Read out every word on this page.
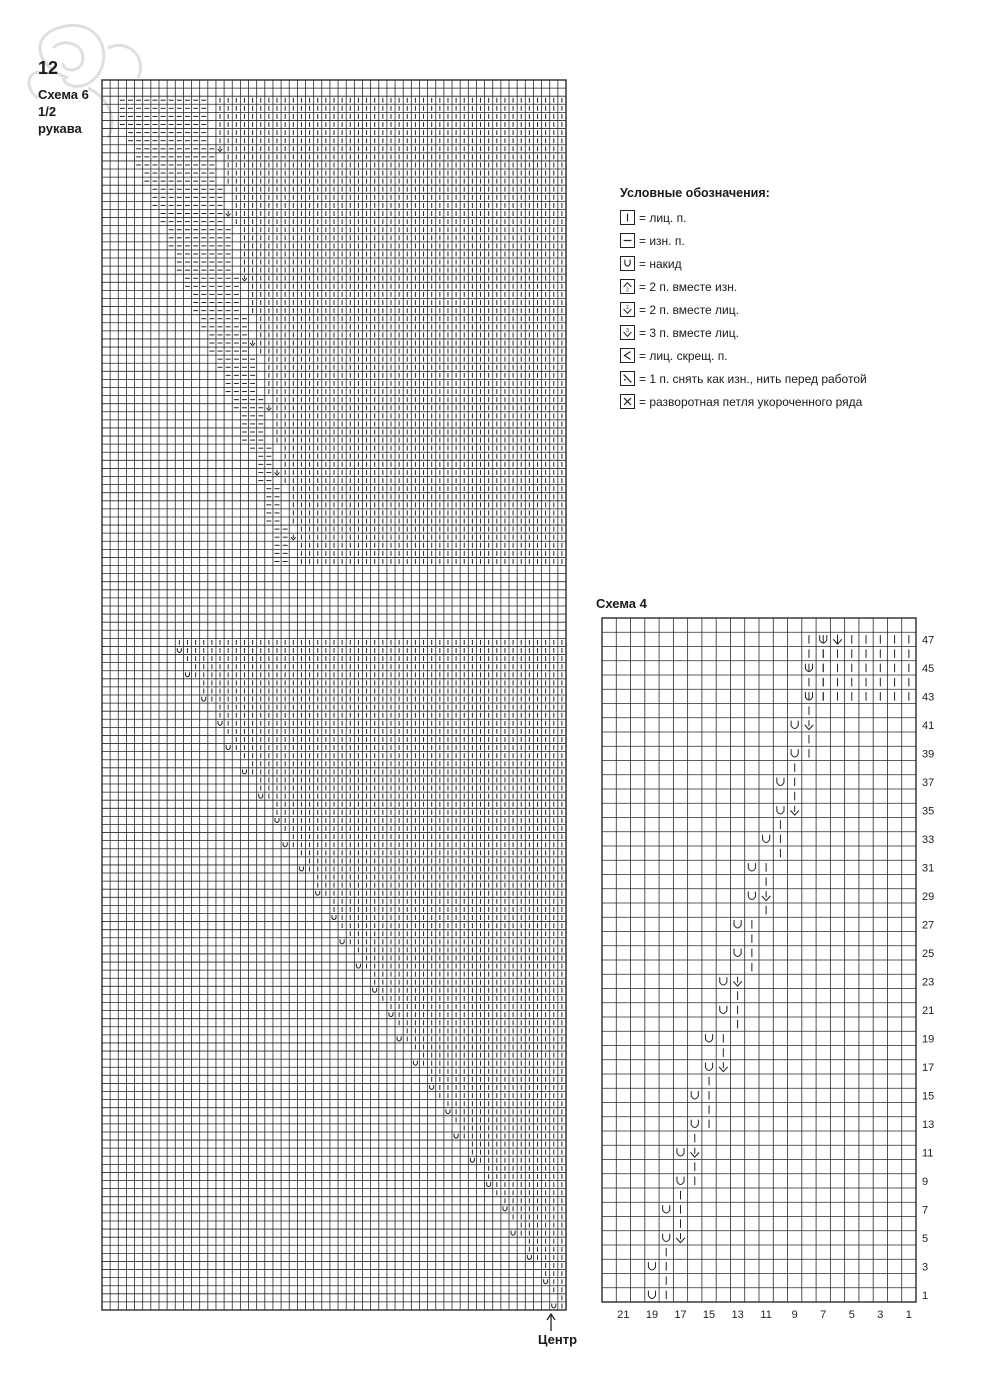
12
Схема 6
1/2
рукава
Условные обозначения:
= лиц. п.
= изн. п.
= накид
2 = 2 п. вместе изн.
2 = 2 п. вместе лиц.
3 = 3 п. вместе лиц.
= лиц. скрещ. п.
= 1 п. снять как изн., нить перед работой
= разворотная петля укороченного ряда
Схема 4
47
45
43
41
39
37
35
33
31
29
27
25
23
21
19
17
15
13
11
9
7
5
3
1
21 19 17 15 13 11 9 7 5 3 1
Центр
